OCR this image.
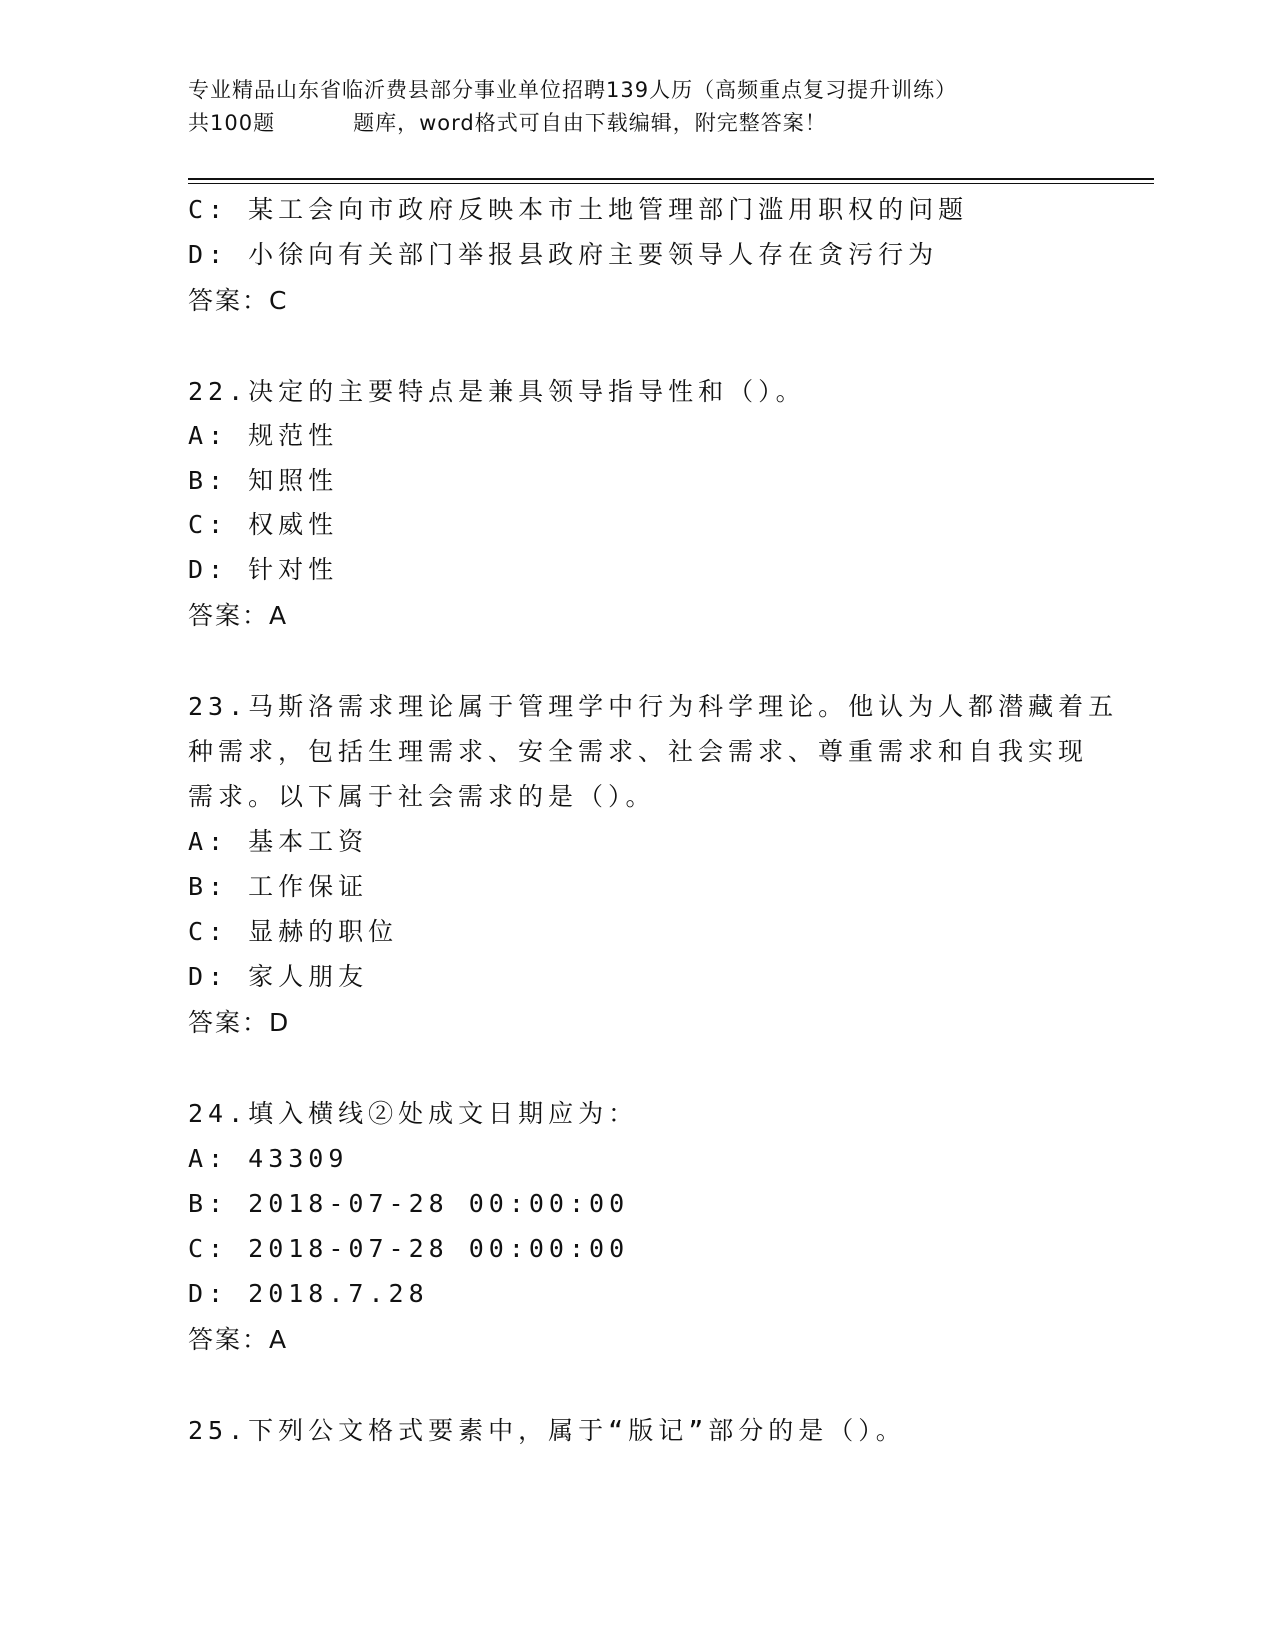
专业精品山东省临沂费县部分事业单位招聘139人历（高频重点复习提升训练）
共100题	题库，word格式可自由下载编辑，附完整答案！
C: 某工会向市政府反映本市土地管理部门滥用职权的问题
D: 小徐向有关部门举报县政府主要领导人存在贪污行为
答案：C
22.决定的主要特点是兼具领导指导性和（）。
A: 规范性
B: 知照性
C: 权威性
D: 针对性
答案：A
23.马斯洛需求理论属于管理学中行为科学理论。他认为人都潜藏着五
种需求，包括生理需求、安全需求、社会需求、尊重需求和自我实现
需求。以下属于社会需求的是（）。
A: 基本工资
B: 工作保证
C: 显赫的职位
D: 家人朋友
答案：D
24.填入横线②处成文日期应为：
A: 43309
B: 2018-07-28 00:00:00
C: 2018-07-28 00:00:00
D: 2018.7.28
答案：A
25.下列公文格式要素中，属于“版记”部分的是（）。
